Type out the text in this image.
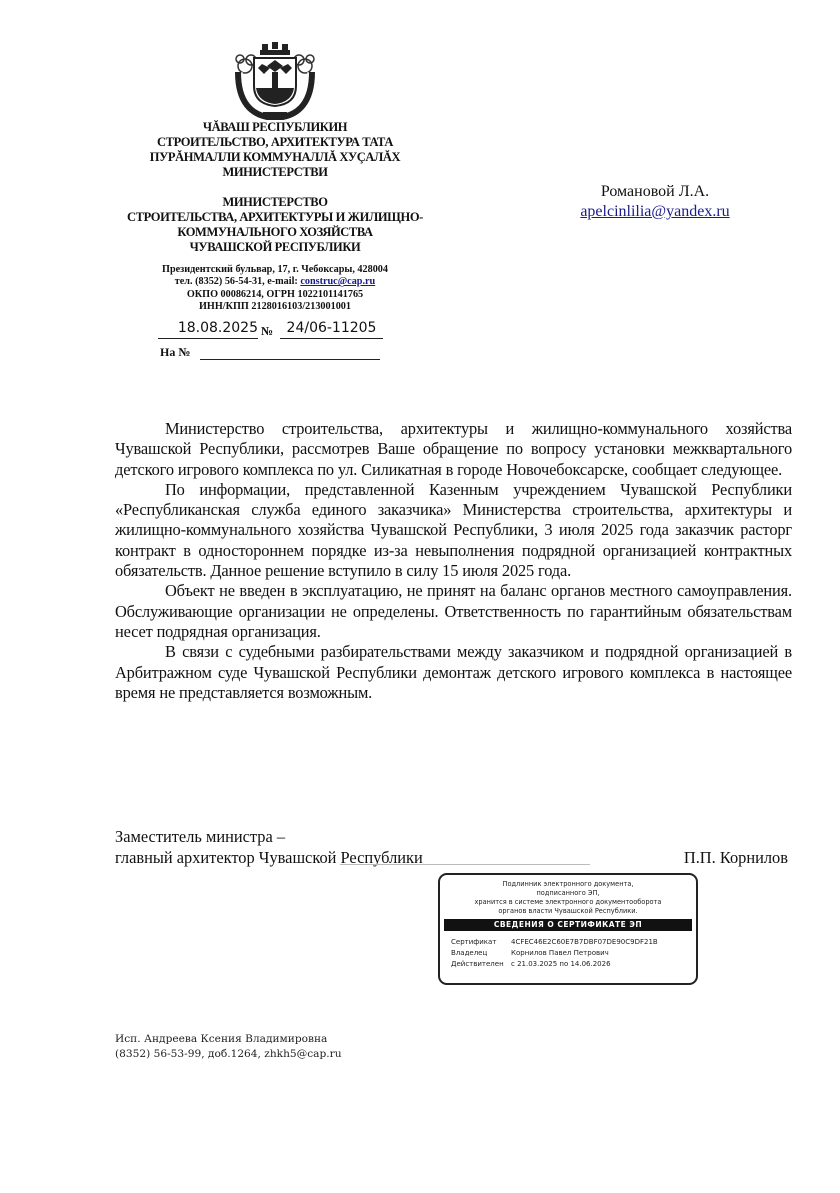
ЧĂВАШ РЕСПУБЛИКИН
СТРОИТЕЛЬСТВО, АРХИТЕКТУРА ТАТА
ПУРĂНМАЛЛИ КОММУНАЛЛĂ ХУÇАЛĂХ
МИНИСТЕРСТВИ
МИНИСТЕРСТВО
СТРОИТЕЛЬСТВА, АРХИТЕКТУРЫ И ЖИЛИЩНО-
КОММУНАЛЬНОГО ХОЗЯЙСТВА
ЧУВАШСКОЙ РЕСПУБЛИКИ
Президентский бульвар, 17, г. Чебоксары, 428004
тел. (8352) 56-54-31, e-mail: construc@cap.ru
ОКПО 00086214, ОГРН 1022101141765
ИНН/КПП 2128016103/213001001
18.08.2025 № 24/06-11205
На №
Романовой Л.А.
apelcinlilia@yandex.ru

Министерство строительства, архитектуры и жилищно-коммунального хозяйства Чувашской Республики, рассмотрев Ваше обращение по вопросу установки межквартального детского игрового комплекса по ул. Силикатная в городе Новочебоксарске, сообщает следующее.

По информации, представленной Казенным учреждением Чувашской Республики «Республиканская служба единого заказчика» Министерства строительства, архитектуры и жилищно-коммунального хозяйства Чувашской Республики, 3 июля 2025 года заказчик расторг контракт в одностороннем порядке из-за невыполнения подрядной организацией контрактных обязательств. Данное решение вступило в силу 15 июля 2025 года.

Объект не введен в эксплуатацию, не принят на баланс органов местного самоуправления. Обслуживающие организации не определены. Ответственность по гарантийным обязательствам несет подрядная организация.

В связи с судебными разбирательствами между заказчиком и подрядной организацией в Арбитражном суде Чувашской Республики демонтаж детского игрового комплекса в настоящее время не представляется возможным.

Заместитель министра –
главный архитектор Чувашской Республики	П.П. Корнилов
Подлинник электронного документа,
подписанного ЭП,
хранится в системе электронного документооборота
органов власти Чувашской Республики.
СВЕДЕНИЯ О СЕРТИФИКАТЕ ЭП
Сертификат	4CFEC46E2C60E7B7DBF07DE90C9DF21B
Владелец	Корнилов Павел Петрович
Действителен	с 21.03.2025 по 14.06.2026
Исп. Андреева Ксения Владимировна
(8352) 56-53-99, доб.1264, zhkh5@cap.ru
